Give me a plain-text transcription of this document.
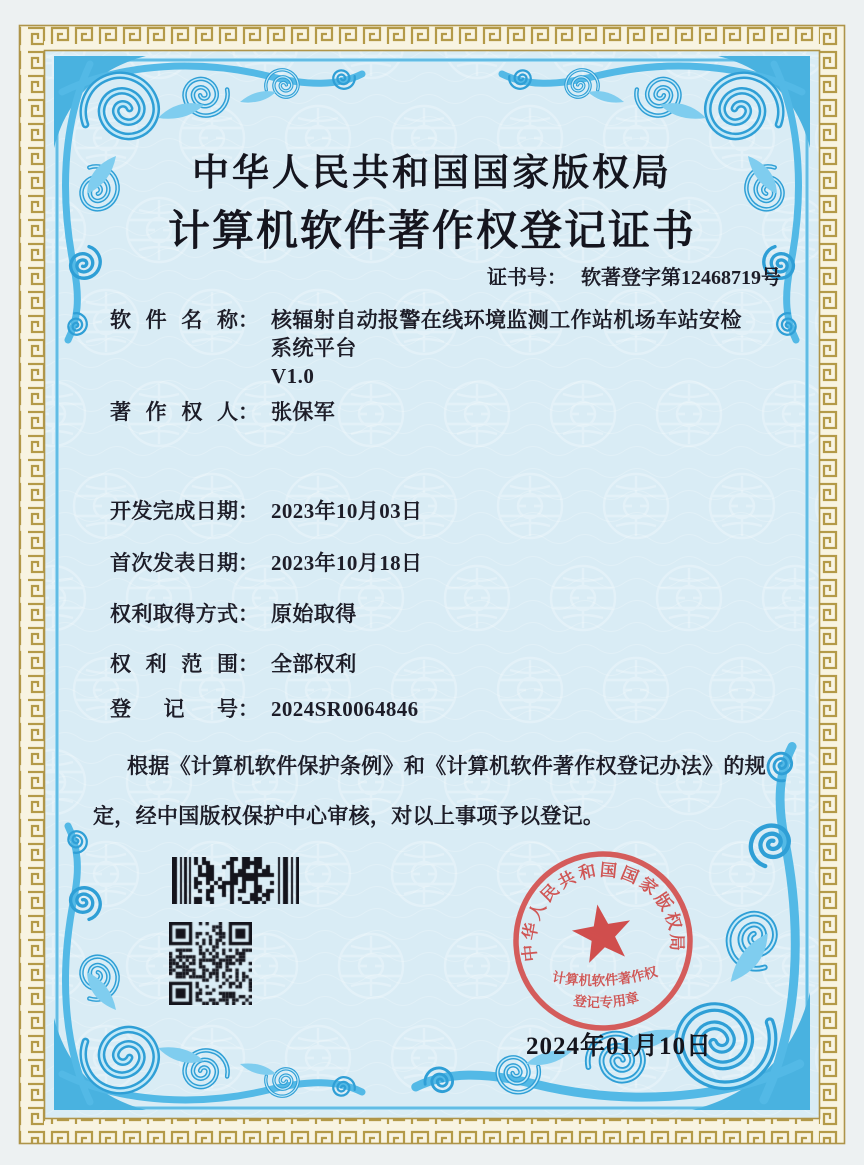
中华人民共和国国家版权局
计算机软件著作权登记证书
证书号： 软著登字第12468719号
软件名称： 核辐射自动报警在线环境监测工作站机场车站安检系统平台
V1.0
著作权人： 张保军
开发完成日期： 2023年10月03日
首次发表日期： 2023年10月18日
权利取得方式： 原始取得
权利范围： 全部权利
登记号： 2024SR0064846
根据《计算机软件保护条例》和《计算机软件著作权登记办法》的规定，经中国版权保护中心审核，对以上事项予以登记。
中华人民共和国国家版权局
计算机软件著作权
登记专用章
2024年01月10日
